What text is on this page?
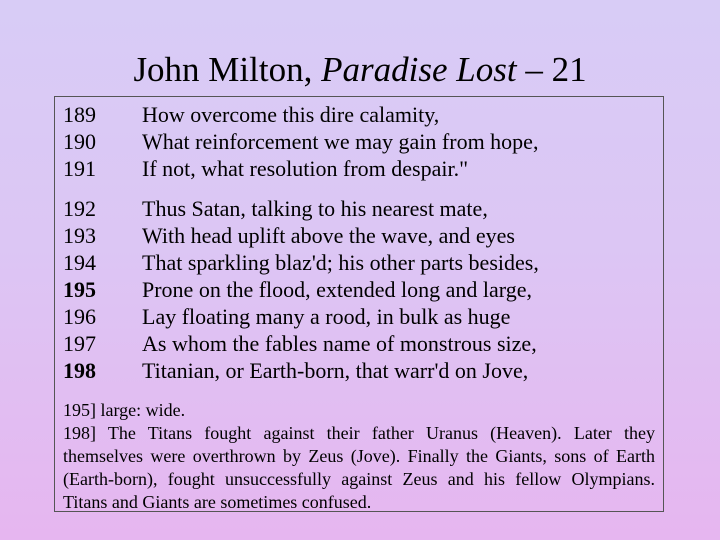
John Milton, Paradise Lost – 21
189	How overcome this dire calamity,
190	What reinforcement we may gain from hope,
191	If not, what resolution from despair."
192	Thus Satan, talking to his nearest mate,
193	With head uplift above the wave, and eyes
194	That sparkling blaz'd; his other parts besides,
195	Prone on the flood, extended long and large,
196	Lay floating many a rood, in bulk as huge
197	As whom the fables name of monstrous size,
198	Titanian, or Earth-born, that warr'd on Jove,
195] large: wide.
198] The Titans fought against their father Uranus (Heaven). Later they themselves were overthrown by Zeus (Jove). Finally the Giants, sons of Earth (Earth-born), fought unsuccessfully against Zeus and his fellow Olympians. Titans and Giants are sometimes confused.
